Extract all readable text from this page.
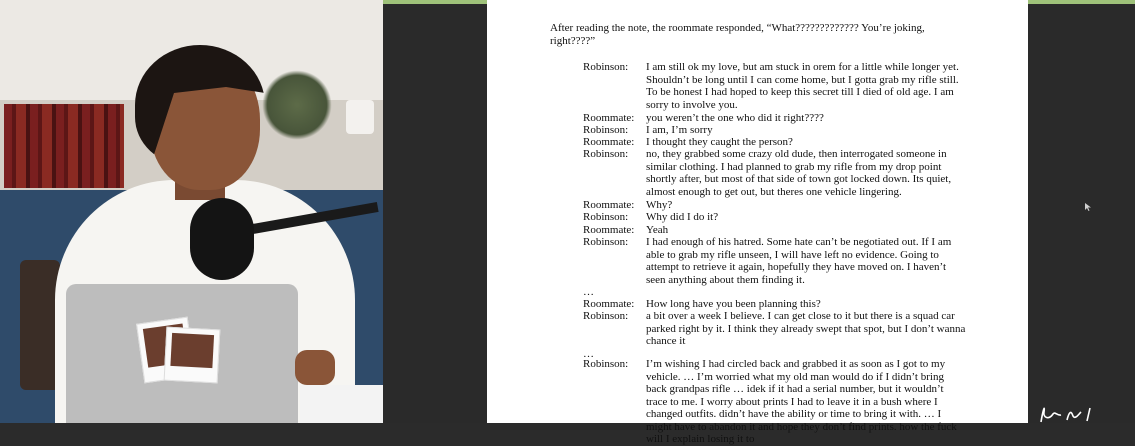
After reading the note, the roommate responded, “What????????????? You’re joking, right????”
Robinson:	I am still ok my love, but am stuck in orem for a little while longer yet. Shouldn’t be long until I can come home, but I gotta grab my rifle still. To be honest I had hoped to keep this secret till I died of old age. I am sorry to involve you.
Roommate:	you weren’t the one who did it right????
Robinson:	I am, I’m sorry
Roommate:	I thought they caught the person?
Robinson:	no, they grabbed some crazy old dude, then interrogated someone in similar clothing. I had planned to grab my rifle from my drop point shortly after, but most of that side of town got locked down. Its quiet, almost enough to get out, but theres one vehicle lingering.
Roommate:	Why?
Robinson:	Why did I do it?
Roommate:	Yeah
Robinson:	I had enough of his hatred. Some hate can’t be negotiated out. If I am able to grab my rifle unseen, I will have left no evidence. Going to attempt to retrieve it again, hopefully they have moved on. I haven’t seen anything about them finding it.
…
Roommate:	How long have you been planning this?
Robinson:	a bit over a week I believe. I can get close to it but there is a squad car parked right by it. I think they already swept that spot, but I don’t wanna chance it
…
Robinson:	I’m wishing I had circled back and grabbed it as soon as I got to my vehicle. … I’m worried what my old man would do if I didn’t bring back grandpas rifle … idek if it had a serial number, but it wouldn’t trace to me. I worry about prints I had to leave it in a bush where I changed outfits. didn’t have the ability or time to bring it with. … I might have to abandon it and hope they don’t find prints. how the fuck will I explain losing it to
